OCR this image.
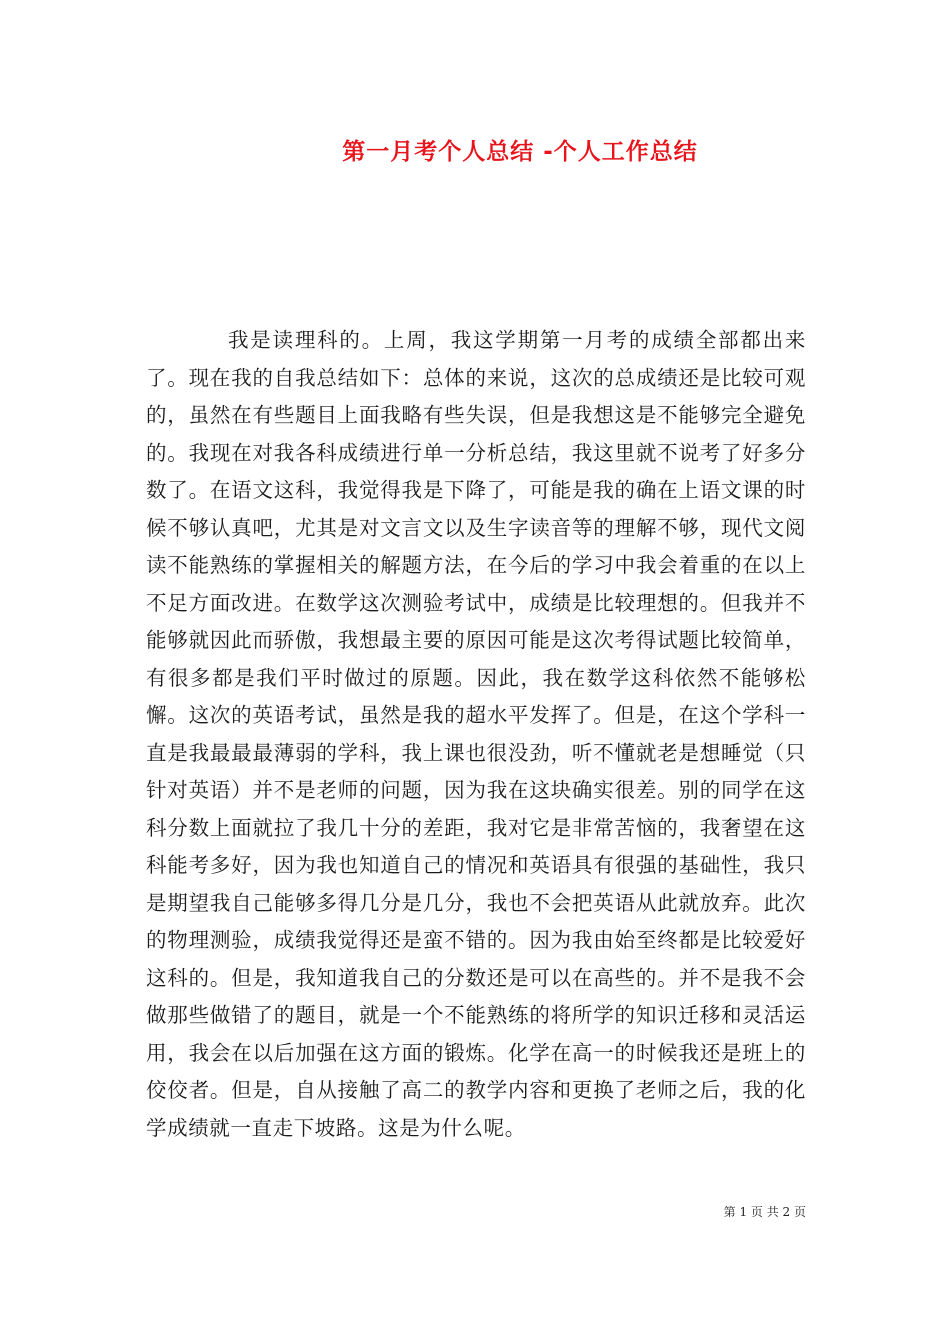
第一月考个人总结 -个人工作总结

我是读理科的。上周，我这学期第一月考的成绩全部都出来了。现在我的自我总结如下：总体的来说，这次的总成绩还是比较可观的，虽然在有些题目上面我略有些失误，但是我想这是不能够完全避免的。我现在对我各科成绩进行单一分析总结，我这里就不说考了好多分数了。在语文这科，我觉得我是下降了，可能是我的确在上语文课的时候不够认真吧，尤其是对文言文以及生字读音等的理解不够，现代文阅读不能熟练的掌握相关的解题方法，在今后的学习中我会着重的在以上不足方面改进。在数学这次测验考试中，成绩是比较理想的。但我并不能够就因此而骄傲，我想最主要的原因可能是这次考得试题比较简单，有很多都是我们平时做过的原题。因此，我在数学这科依然不能够松懈。这次的英语考试，虽然是我的超水平发挥了。但是，在这个学科一直是我最最最薄弱的学科，我上课也很没劲，听不懂就老是想睡觉（只针对英语）并不是老师的问题，因为我在这块确实很差。别的同学在这科分数上面就拉了我几十分的差距，我对它是非常苦恼的，我奢望在这科能考多好，因为我也知道自己的情况和英语具有很强的基础性，我只是期望我自己能够多得几分是几分，我也不会把英语从此就放弃。此次的物理测验，成绩我觉得还是蛮不错的。因为我由始至终都是比较爱好这科的。但是，我知道我自己的分数还是可以在高些的。并不是我不会做那些做错了的题目，就是一个不能熟练的将所学的知识迁移和灵活运用，我会在以后加强在这方面的锻炼。化学在高一的时候我还是班上的佼佼者。但是，自从接触了高二的教学内容和更换了老师之后，我的化学成绩就一直走下坡路。这是为什么呢。

第 1 页 共 2 页
